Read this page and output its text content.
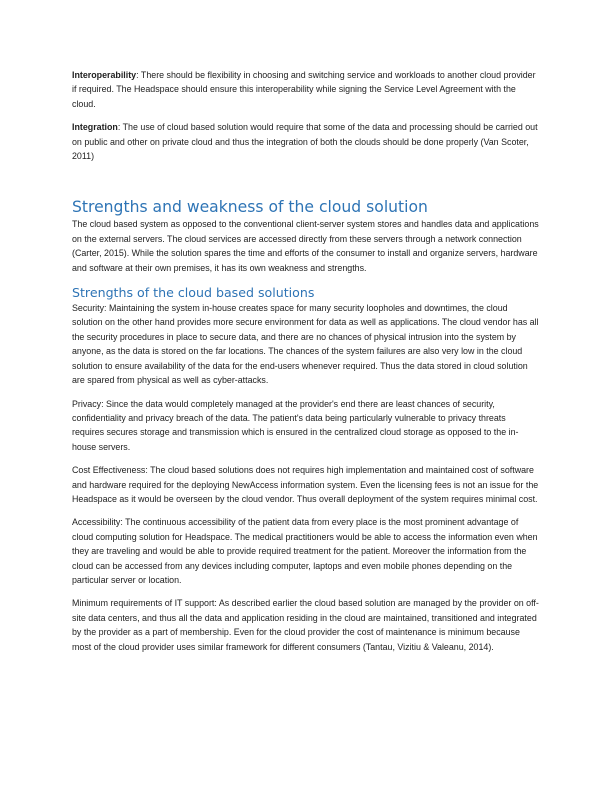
Interoperability: There should be flexibility in choosing and switching service and workloads to another cloud provider if required. The Headspace should ensure this interoperability while signing the Service Level Agreement with the cloud.

Integration: The use of cloud based solution would require that some of the data and processing should be carried out on public and other on private cloud and thus the integration of both the clouds should be done properly (Van Scoter, 2011)

Strengths and weakness of the cloud solution

The cloud based system as opposed to the conventional client-server system stores and handles data and applications on the external servers. The cloud services are accessed directly from these servers through a network connection (Carter, 2015). While the solution spares the time and efforts of the consumer to install and organize servers, hardware and software at their own premises, it has its own weakness and strengths.

Strengths of the cloud based solutions

Security: Maintaining the system in-house creates space for many security loopholes and downtimes, the cloud solution on the other hand provides more secure environment for data as well as applications. The cloud vendor has all the security procedures in place to secure data, and there are no chances of physical intrusion into the system by anyone, as the data is stored on the far locations. The chances of the system failures are also very low in the cloud solution to ensure availability of the data for the end-users whenever required. Thus the data stored in cloud solution are spared from physical as well as cyber-attacks.

Privacy: Since the data would completely managed at the provider's end there are least chances of security, confidentiality and privacy breach of the data. The patient's data being particularly vulnerable to privacy threats requires secures storage and transmission which is ensured in the centralized cloud storage as opposed to the in-house servers.

Cost Effectiveness: The cloud based solutions does not requires high implementation and maintained cost of software and hardware required for the deploying NewAccess information system. Even the licensing fees is not an issue for the Headspace as it would be overseen by the cloud vendor. Thus overall deployment of the system requires minimal cost.

Accessibility: The continuous accessibility of the patient data from every place is the most prominent advantage of cloud computing solution for Headspace. The medical practitioners would be able to access the information even when they are traveling and would be able to provide required treatment for the patient. Moreover the information from the cloud can be accessed from any devices including computer, laptops and even mobile phones depending on the particular server or location.

Minimum requirements of IT support: As described earlier the cloud based solution are managed by the provider on off-site data centers, and thus all the data and application residing in the cloud are maintained, transitioned and integrated by the provider as a part of membership. Even for the cloud provider the cost of maintenance is minimum because most of the cloud provider uses similar framework for different consumers (Tantau, Vizitiu & Valeanu, 2014).
